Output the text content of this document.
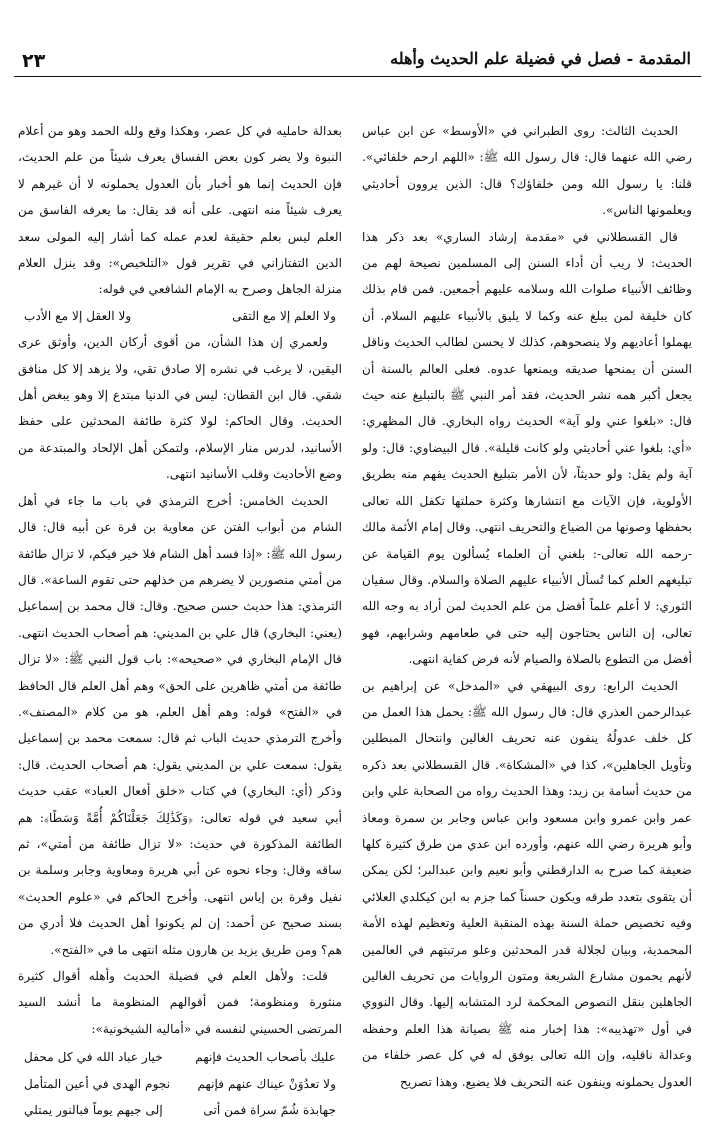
٢٣	المقدمة - فصل في فضيلة علم الحديث وأهله

الحديث الثالث: روى الطبراني في «الأوسط» عن ابن عباس رضي الله عنهما قال: قال رسول الله ﷺ: «اللهم ارحم خلفائي». قلنا: يا رسول الله ومن خلفاؤك؟ قال: الذين يروون أحاديثي ويعلمونها الناس».

قال القسطلاني في «مقدمة إرشاد الساري» بعد ذكر هذا الحديث: لا ريب أن أداء السنن إلى المسلمين نصيحة لهم من وظائف الأنبياء صلوات الله وسلامه عليهم أجمعين. فمن قام بذلك كان خليفة لمن يبلغ عنه وكما لا يليق بالأنبياء عليهم السلام. أن يهملوا أعاديهم ولا ينصحوهم، كذلك لا يحسن لطالب الحديث وناقل السنن أن يمنحها صديقه ويمنعها عدوه. فعلى العالم بالسنة أن يجعل أكبر همه نشر الحديث، فقد أمر النبي ﷺ بالتبليغ عنه حيث قال: «بلغوا عني ولو آية» الحديث رواه البخاري. قال المظهري: «أي: بلغوا عني أحاديثي ولو كانت قليلة». قال البيضاوي: قال: ولو آية ولم يقل: ولو حديثاً، لأن الأمر بتبليغ الحديث يفهم منه بطريق الأولوية، فإن الآيات مع انتشارها وكثرة حملتها تكفل الله تعالى بحفظها وصونها من الضياع والتحريف انتهى. وقال إمام الأئمة مالك -رحمه الله تعالى-: بلغني أن العلماء يُسألون يوم القيامة عن تبليغهم العلم كما تُسأل الأنبياء عليهم الصلاة والسلام. وقال سفيان الثوري: لا أعلم علماً أفضل من علم الحديث لمن أراد به وجه الله تعالى، إن الناس يحتاجون إليه حتى في طعامهم وشرابهم، فهو أفضل من التطوع بالصلاة والصيام لأنه فرض كفاية انتهى.

الحديث الرابع: روى البيهقي في «المدخل» عن إبراهيم بن عبدالرحمن العذري قال: قال رسول الله ﷺ: يحمل هذا العمل من كل خلف عدولُهُ ينفون عنه تحريف الغالين وانتحال المبطلين وتأويل الجاهلين»، كذا في «المشكاة». قال القسطلاني بعد ذكره من حديث أسامة بن زيد: وهذا الحديث رواه من الصحابة علي وابن عمر وابن عمرو وابن مسعود وابن عباس وجابر بن سمرة ومعاذ وأبو هريرة رضي الله عنهم، وأورده ابن عدي من طرق كثيرة كلها ضعيفة كما صرح به الدارقطني وأبو نعيم وابن عبدالبر؛ لكن يمكن أن يتقوى بتعدد طرقه ويكون حسناً كما جزم به ابن كيكلدي العلائي وفيه تخصيص حملة السنة بهذه المنقبة العلية وتعظيم لهذه الأمة المحمدية، وبيان لجلالة قدر المحدثين وعلو مرتبتهم في العالمين لأنهم يحمون مشارع الشريعة ومتون الروايات من تحريف الغالين الجاهلين بنقل النصوص المحكمة لرد المتشابه إليها. وقال النووي في أول «تهذيبه»: هذا إخبار منه ﷺ بصيانة هذا العلم وحفظه وعدالة ناقليه، وإن الله تعالى يوفق له في كل عصر خلفاء من العدول يحملونه وينفون عنه التحريف فلا يضيع. وهذا تصريح

بعدالة حامليه في كل عصر، وهكذا وقع ولله الحمد وهو من أعلام النبوة ولا يضر كون بعض الفساق يعرف شيئاً من علم الحديث، فإن الحديث إنما هو أخبار بأن العدول يحملونه لا أن غيرهم لا يعرف شيئاً منه انتهى. على أنه قد يقال: ما يعرفه الفاسق من العلم ليس بعلم حقيقة لعدم عمله كما أشار إليه المولى سعد الدين التفتازاني في تقرير قول «التلخيص»: وقد ينزل العلام منزلة الجاهل وصرح به الإمام الشافعي في قوله:

ولا العلم إلا مع التقى
ولا العقل إلا مع الأدب

ولعمري إن هذا الشأن، من أقوى أركان الدين، وأوثق عرى اليقين، لا يرغب في نشره إلا صادق تقي، ولا يزهد إلا كل منافق شقي. قال ابن القطان: ليس في الدنيا مبتدع إلا وهو يبغض أهل الحديث. وقال الحاكم: لولا كثرة طائفة المحدثين على حفظ الأسانيد، لدرس منار الإسلام، ولتمكن أهل الإلحاد والمبتدعة من وضع الأحاديث وقلب الأسانيد انتهى.

الحديث الخامس: أخرج الترمذي في باب ما جاء في أهل الشام من أبواب الفتن عن معاوية بن قرة عن أبيه قال: قال رسول الله ﷺ: «إذا فسد أهل الشام فلا خير فيكم، لا تزال طائفة من أمتي منصورين لا يضرهم من خذلهم حتى تقوم الساعة». قال الترمذي: هذا حديث حسن صحيح. وقال: قال محمد بن إسماعيل (يعني: البخاري) قال علي بن المديني: هم أصحاب الحديث انتهى. قال الإمام البخاري في «صحيحه»: باب قول النبي ﷺ: «لا تزال طائفة من أمتي ظاهرين على الحق» وهم أهل العلم قال الحافظ في «الفتح» قوله: وهم أهل العلم، هو من كلام «المصنف». وأخرج الترمذي حديث الباب ثم قال: سمعت محمد بن إسماعيل يقول: سمعت علي بن المديني يقول: هم أصحاب الحديث. قال: وذكر (أي: البخاري) في كتاب «خلق أفعال العباد» عقب حديث أبي سعيد في قوله تعالى: ﴿وَكَذَٰلِكَ جَعَلْنَاكُمْ أُمَّةً وَسَطًا﴾: هم الطائفة المذكورة في حديث: «لا تزال طائفة من أمتي»، ثم ساقه وقال: وجاء نحوه عن أبي هريرة ومعاوية وجابر وسلمة بن نفيل وقرة بن إياس انتهى. وأخرج الحاكم في «علوم الحديث» بسند صحيح عن أحمد: إن لم يكونوا أهل الحديث فلا أدري من هم؟ ومن طريق يزيد بن هارون مثله انتهى ما في «الفتح».

قلت: ولأهل العلم في فضيلة الحديث وأهله أقوال كثيرة منثورة ومنظومة؛ فمن أقوالهم المنظومة ما أنشد السيد المرتضى الحسيني لنفسه في «أماليه الشيخونية»:

عليك بأصحاب الحديث فإنهم
خيار عباد الله في كل محفل
ولا تعدُوَنْ عيناك عنهم فإنهم
نجوم الهدى في أعين المتأمل
جهابذة شُمّ سراة فمن أتى
إلى جيهم يوماً فبالنور يمتلي
